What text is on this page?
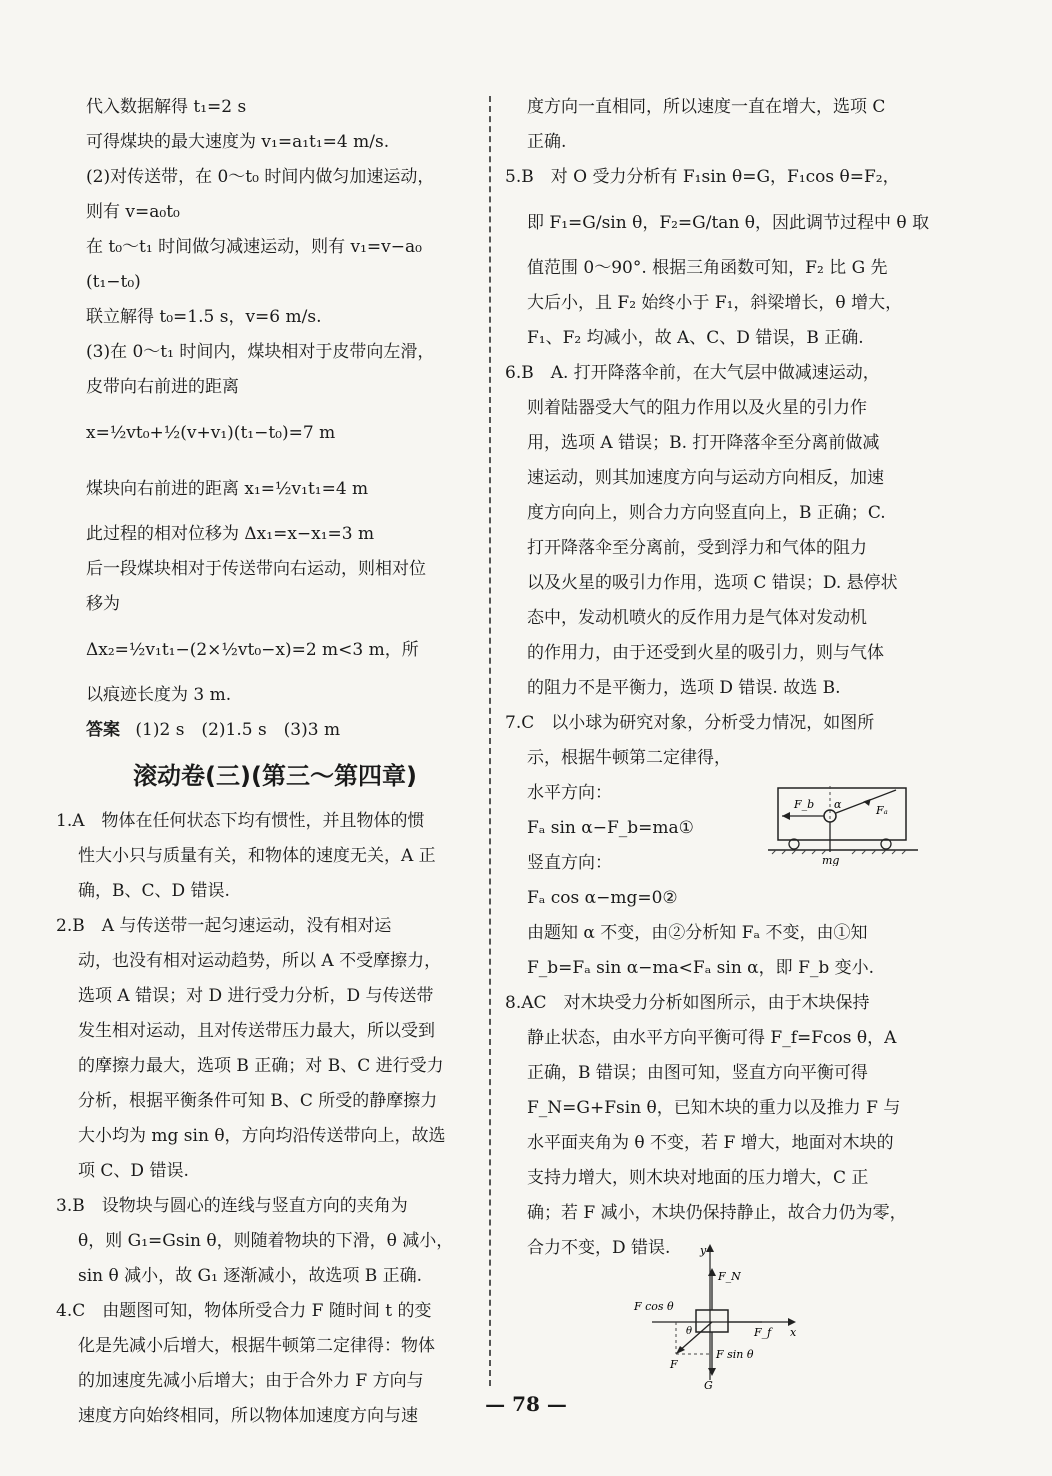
代入数据解得 t₁=2 s
可得煤块的最大速度为 v₁=a₁t₁=4 m/s.
(2)对传送带，在 0～t₀ 时间内做匀加速运动，
则有 v=a₀t₀
在 t₀～t₁ 时间做匀减速运动，则有 v₁=v−a₀
(t₁−t₀)
联立解得 t₀=1.5 s，v=6 m/s.
(3)在 0～t₁ 时间内，煤块相对于皮带向左滑，
皮带向右前进的距离
x=½vt₀+½(v+v₁)(t₁−t₀)=7 m
煤块向右前进的距离 x₁=½v₁t₁=4 m
此过程的相对位移为 Δx₁=x−x₁=3 m
后一段煤块相对于传送带向右运动，则相对位
移为
Δx₂=½v₁t₁−(2×½vt₀−x)=2 m<3 m，所
以痕迹长度为 3 m.
答案 (1)2 s　(2)1.5 s　(3)3 m
滚动卷(三)(第三～第四章)
1.A　物体在任何状态下均有惯性，并且物体的惯
性大小只与质量有关，和物体的速度无关，A 正
确，B、C、D 错误.
2.B　A 与传送带一起匀速运动，没有相对运
动，也没有相对运动趋势，所以 A 不受摩擦力，
选项 A 错误；对 D 进行受力分析，D 与传送带
发生相对运动，且对传送带压力最大，所以受到
的摩擦力最大，选项 B 正确；对 B、C 进行受力
分析，根据平衡条件可知 B、C 所受的静摩擦力
大小均为 mg sin θ，方向均沿传送带向上，故选
项 C、D 错误.
3.B　设物块与圆心的连线与竖直方向的夹角为
θ，则 G₁=Gsin θ，则随着物块的下滑，θ 减小，
sin θ 减小，故 G₁ 逐渐减小，故选项 B 正确.
4.C　由题图可知，物体所受合力 F 随时间 t 的变
化是先减小后增大，根据牛顿第二定律得：物体
的加速度先减小后增大；由于合外力 F 方向与
速度方向始终相同，所以物体加速度方向与速
度方向一直相同，所以速度一直在增大，选项 C
正确.
5.B　对 O 受力分析有 F₁sin θ=G，F₁cos θ=F₂，
即 F₁=G/sin θ，F₂=G/tan θ，因此调节过程中 θ 取
值范围 0～90°. 根据三角函数可知，F₂ 比 G 先
大后小，且 F₂ 始终小于 F₁，斜梁增长，θ 增大，
F₁、F₂ 均减小，故 A、C、D 错误，B 正确.
6.B　A. 打开降落伞前，在大气层中做减速运动，
则着陆器受大气的阻力作用以及火星的引力作
用，选项 A 错误；B. 打开降落伞至分离前做减
速运动，则其加速度方向与运动方向相反，加速
度方向向上，则合力方向竖直向上，B 正确；C.
打开降落伞至分离前，受到浮力和气体的阻力
以及火星的吸引力作用，选项 C 错误；D. 悬停状
态中，发动机喷火的反作用力是气体对发动机
的作用力，由于还受到火星的吸引力，则与气体
的阻力不是平衡力，选项 D 错误. 故选 B.
7.C　以小球为研究对象，分析受力情况，如图所
示，根据牛顿第二定律得，
水平方向：
Fₐ sin α−F_b=ma①
竖直方向：
Fₐ cos α−mg=0②
由题知 α 不变，由②分析知 Fₐ 不变，由①知
F_b=Fₐ sin α−ma<Fₐ sin α，即 F_b 变小.
8.AC　对木块受力分析如图所示，由于木块保持
静止状态，由水平方向平衡可得 F_f=Fcos θ，A
正确，B 错误；由图可知，竖直方向平衡可得
F_N=G+Fsin θ，已知木块的重力以及推力 F 与
水平面夹角为 θ 不变，若 F 增大，地面对木块的
支持力增大，则木块对地面的压力增大，C 正
确；若 F 减小，木块仍保持静止，故合力仍为零，
合力不变，D 错误.
F_b α	Fₐ
mg
y
x
F_N
F cos θ
θ
F
F_f
F sin θ
G
— 78 —
